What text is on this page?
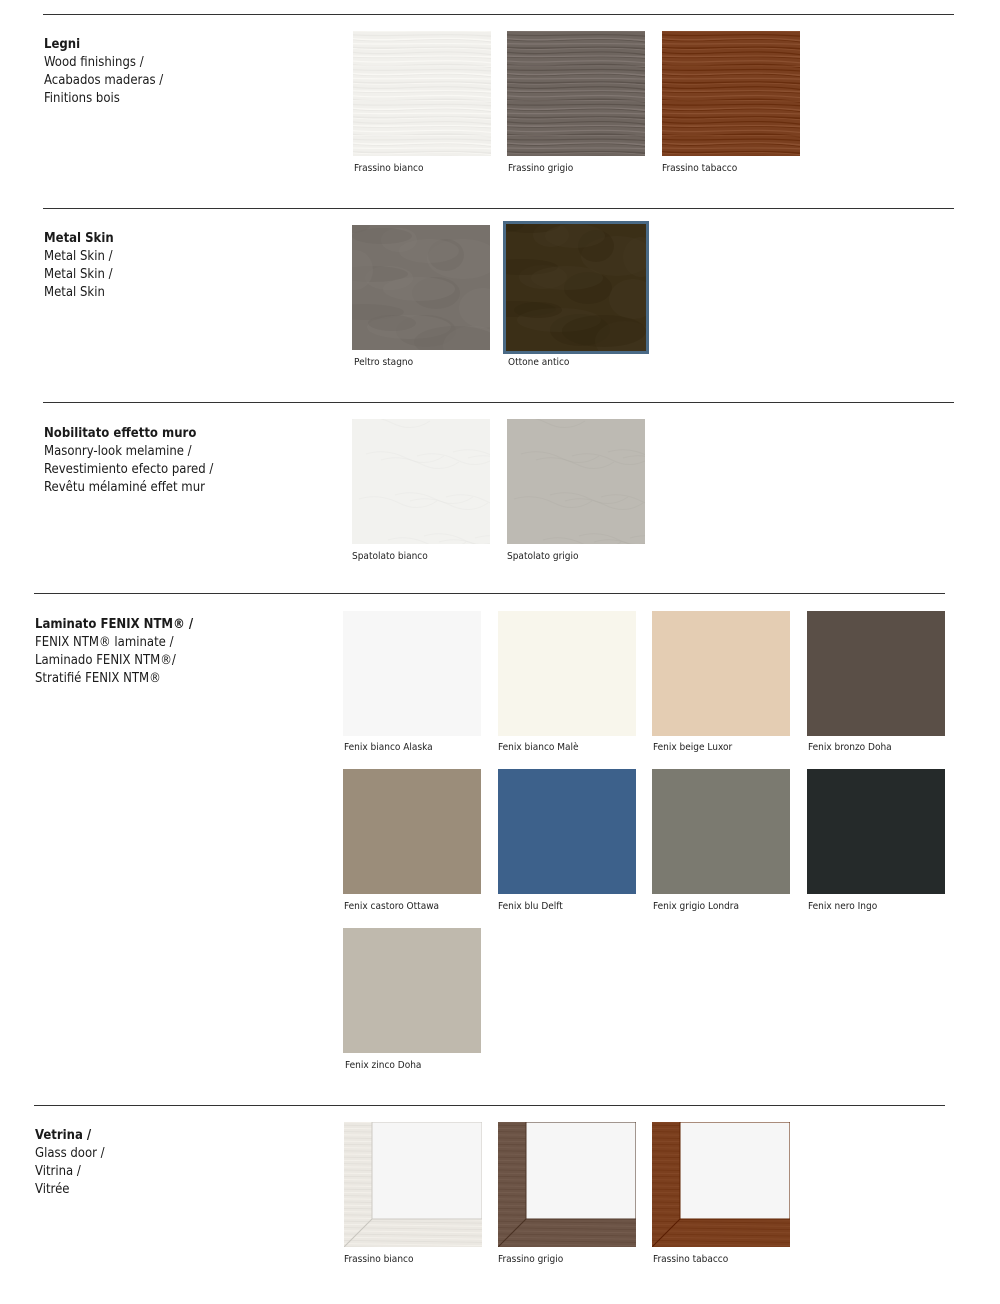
Legni
Wood finishings /
Acabados maderas /
Finitions bois
Frassino bianco	Frassino grigio	Frassino tabacco
Metal Skin
Metal Skin /
Metal Skin /
Metal Skin
Peltro stagno	Ottone antico
Nobilitato effetto muro
Masonry-look melamine /
Revestimiento efecto pared /
Revêtu mélaminé effet mur
Spatolato bianco	Spatolato grigio
Laminato FENIX NTM® /
FENIX NTM® laminate /
Laminado FENIX NTM®/
Stratifié FENIX NTM®
Fenix bianco Alaska	Fenix bianco Malè	Fenix beige Luxor	Fenix bronzo Doha
Fenix castoro Ottawa	Fenix blu Delft	Fenix grigio Londra	Fenix nero Ingo
Fenix zinco Doha
Vetrina /
Glass door /
Vitrina /
Vitrée
Frassino bianco	Frassino grigio	Frassino tabacco
